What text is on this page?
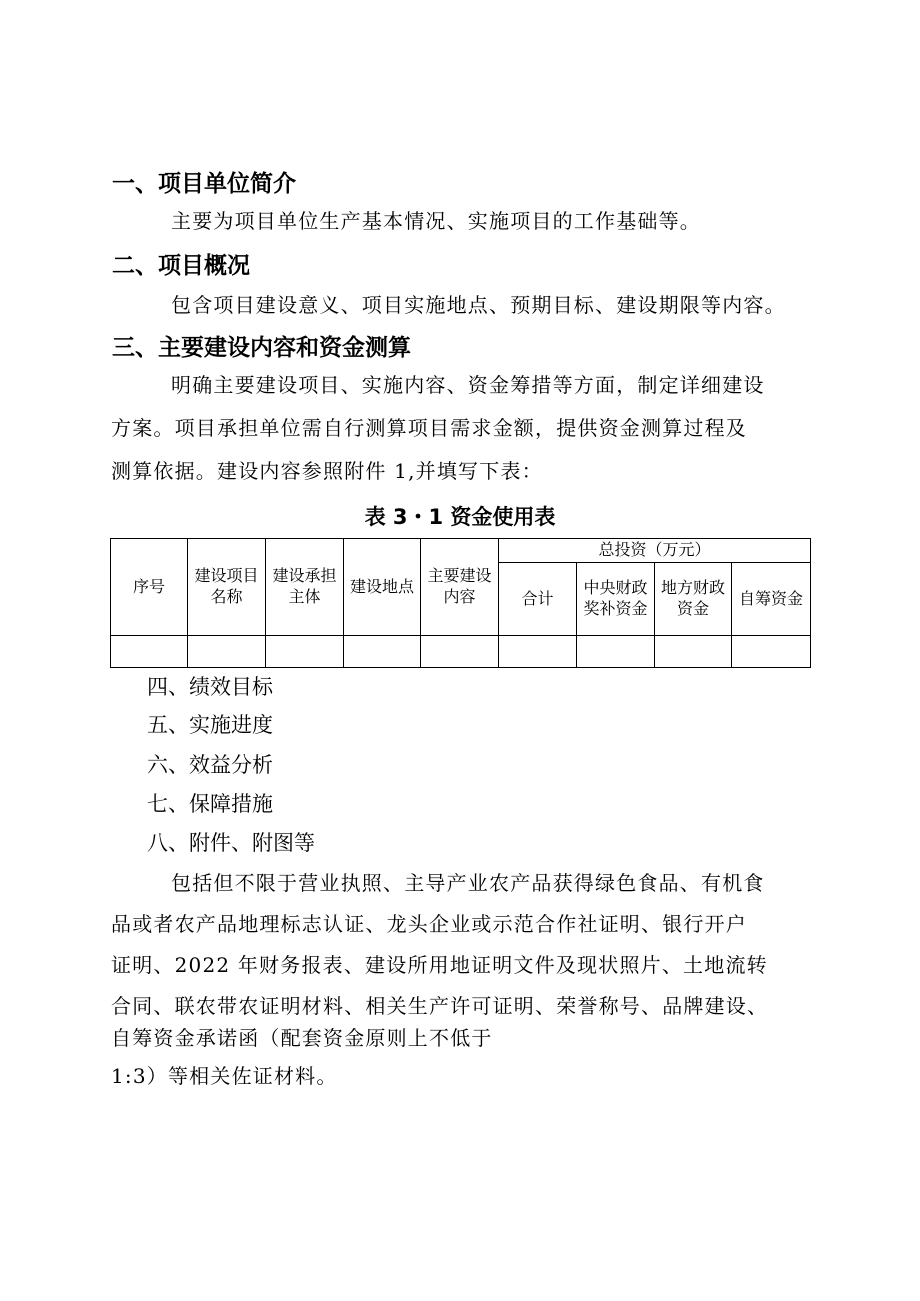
一、项目单位简介
主要为项目单位生产基本情况、实施项目的工作基础等。
二、项目概况
包含项目建设意义、项目实施地点、预期目标、建设期限等内容。
三、主要建设内容和资金测算
明确主要建设项目、实施内容、资金筹措等方面，制定详细建设
方案。项目承担单位需自行测算项目需求金额，提供资金测算过程及
测算依据。建设内容参照附件 1,并填写下表：
表 3・1 资金使用表
序号	建设项目名称	建设承担主体	建设地点	主要建设内容	总投资（万元）			
					合计	中央财政奖补资金	地方财政资金	自筹资金

四、绩效目标
五、实施进度
六、效益分析
七、保障措施
八、附件、附图等
包括但不限于营业执照、主导产业农产品获得绿色食品、有机食
品或者农产品地理标志认证、龙头企业或示范合作社证明、银行开户
证明、2022 年财务报表、建设所用地证明文件及现状照片、土地流转
合同、联农带农证明材料、相关生产许可证明、荣誉称号、品牌建设、
自筹资金承诺函（配套资金原则上不低于
1:3）等相关佐证材料。
